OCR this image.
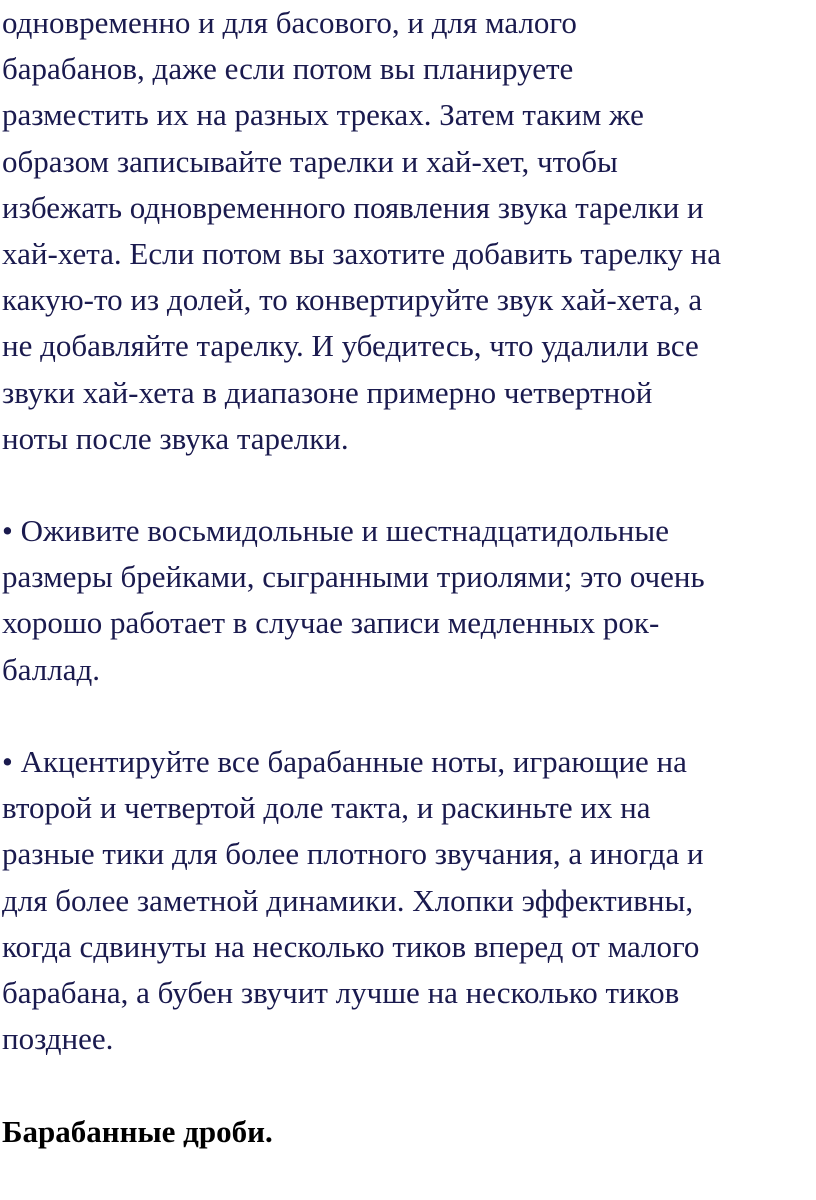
одновременно и для басового, и для малого
барабанов, даже если потом вы планируете
разместить их на разных треках. Затем таким же
образом записывайте тарелки и хай-хет, чтобы
избежать одновременного появления звука тарелки и
хай-хета. Если потом вы захотите добавить тарелку на
какую-то из долей, то конвертируйте звук хай-хета, а
не добавляйте тарелку. И убедитесь, что удалили все
звуки хай-хета в диапазоне примерно четвертной
ноты после звука тарелки.
• Оживите восьмидольные и шестнадцатидольные
размеры брейками, сыгранными триолями; это очень
хорошо работает в случае записи медленных рок-
баллад.
• Акцентируйте все барабанные ноты, играющие на
второй и четвертой доле такта, и раскиньте их на
разные тики для более плотного звучания, а иногда и
для более заметной динамики. Хлопки эффективны,
когда сдвинуты на несколько тиков вперед от малого
барабана, а бубен звучит лучше на несколько тиков
позднее.
Барабанные дроби.
